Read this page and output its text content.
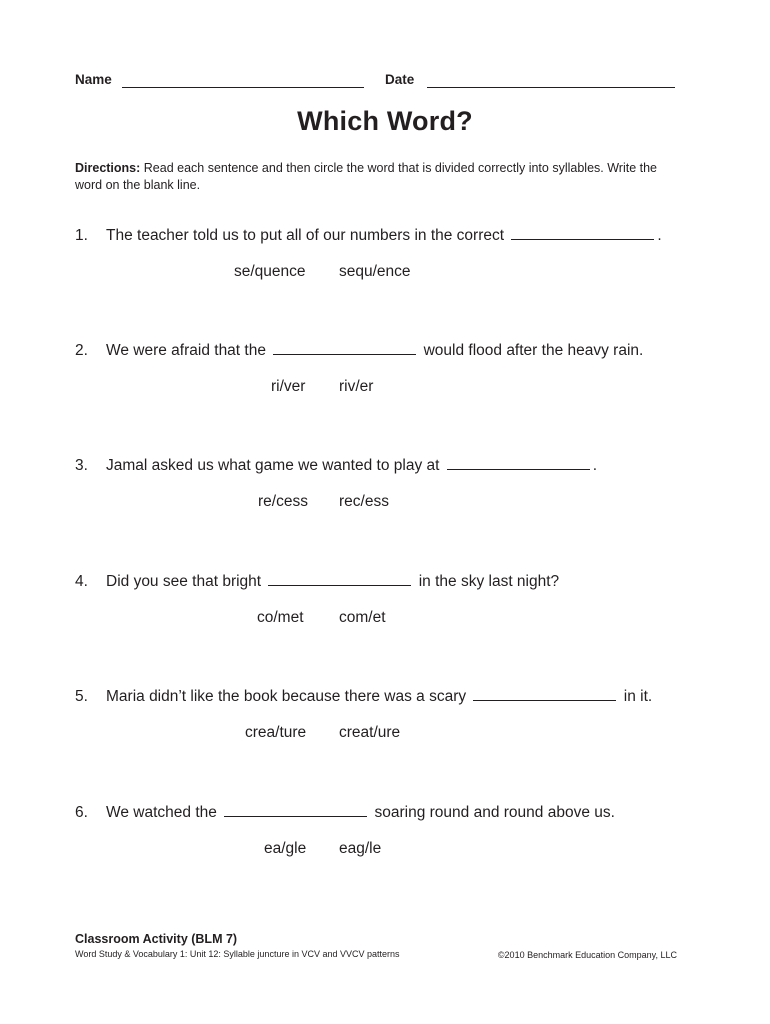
Name	Date
Which Word?
Directions: Read each sentence and then circle the word that is divided correctly into syllables. Write the word on the blank line.
1. The teacher told us to put all of our numbers in the correct	.
se/quence sequ/ence
2. We were afraid that the	would flood after the heavy rain.
ri/ver riv/er
3. Jamal asked us what game we wanted to play at	.
re/cess rec/ess
4. Did you see that bright	in the sky last night?
co/met com/et
5. Maria didn’t like the book because there was a scary	in it.
crea/ture creat/ure
6. We watched the	soaring round and round above us.
ea/gle eag/le
Classroom Activity (BLM 7)
Word Study & Vocabulary 1: Unit 12: Syllable juncture in VCV and VVCV patterns	©2010 Benchmark Education Company, LLC
